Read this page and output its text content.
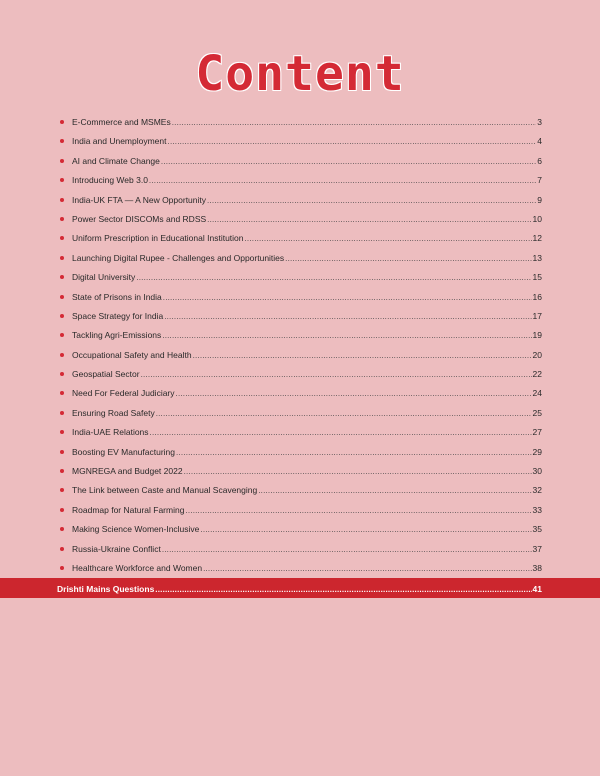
Content
E-Commerce and MSMEs .....	3
India and Unemployment .....	4
AI and Climate Change .....	6
Introducing Web 3.0 .....	7
India-UK FTA — A New Opportunity .....	9
Power Sector DISCOMs and RDSS .....	10
Uniform Prescription in Educational Institution .....	12
Launching Digital Rupee - Challenges and Opportunities .....	13
Digital University .....	15
State of Prisons in India .....	16
Space Strategy for India .....	17
Tackling Agri-Emissions .....	19
Occupational Safety and Health .....	20
Geospatial Sector .....	22
Need For Federal Judiciary .....	24
Ensuring Road Safety .....	25
India-UAE Relations .....	27
Boosting EV Manufacturing .....	29
MGNREGA and Budget 2022 .....	30
The Link between Caste and Manual Scavenging .....	32
Roadmap for Natural Farming .....	33
Making Science Women-Inclusive .....	35
Russia-Ukraine Conflict .....	37
Healthcare Workforce and Women .....	38
Drishti Mains Questions .....	41
